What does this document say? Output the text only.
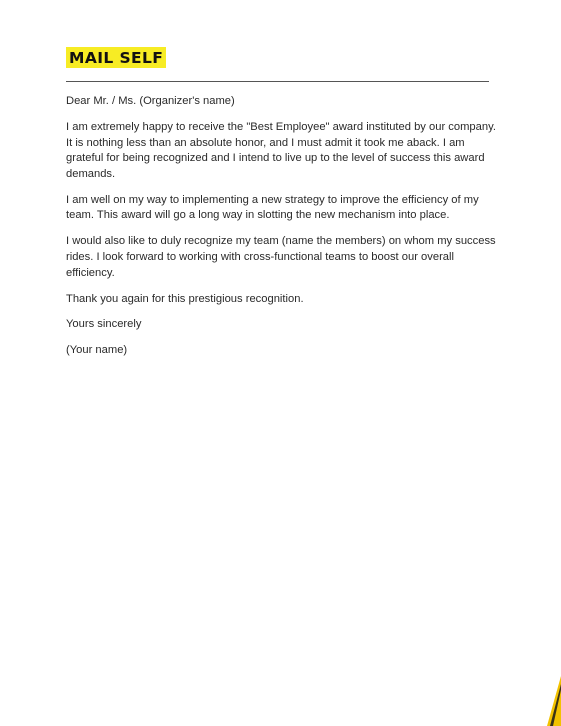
MAIL SELF

Dear Mr. / Ms. (Organizer's name)

I am extremely happy to receive the "Best Employee" award instituted by our company. It is nothing less than an absolute honor, and I must admit it took me aback. I am grateful for being recognized and I intend to live up to the level of success this award demands.

I am well on my way to implementing a new strategy to improve the efficiency of my team. This award will go a long way in slotting the new mechanism into place.

I would also like to duly recognize my team (name the members) on whom my success rides. I look forward to working with cross-functional teams to boost our overall efficiency.

Thank you again for this prestigious recognition.

Yours sincerely

(Your name)
